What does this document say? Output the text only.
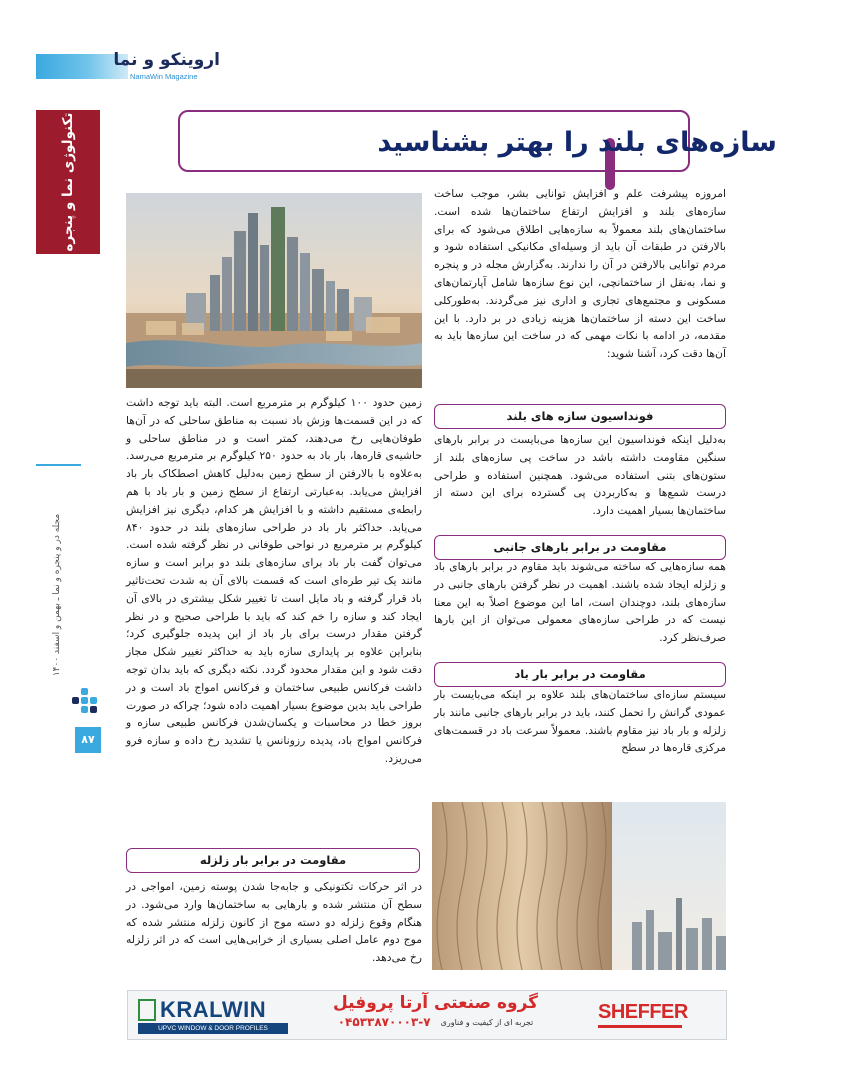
اروینکو و نما
NamaWin Magazine
تکنولوژی نما و پنجره
مجله در و پنجره و نما ـ بهمن و اسفند ۱۴۰۰
۸۷
سازه‌های بلند را بهتر بشناسید

امروزه پیشرفت علم و افزایش توانایی بشر، موجب ساخت سازه‌های بلند و افزایش ارتفاع ساختمان‌ها شده است. ساختمان‌های بلند معمولاً به سازه‌هایی اطلاق می‌شود که برای بالارفتن در طبقات آن باید از وسیله‌ای مکانیکی استفاده شود و مردم توانایی بالارفتن در آن را ندارند. به‌گزارش مجله در و پنجره و نما، به‌نقل از ساختمانچی، این نوع سازه‌ها شامل آپارتمان‌های مسکونی و مجتمع‌های تجاری و اداری نیز می‌گردند. به‌طورکلی ساخت این دسته از ساختمان‌ها هزینه زیادی در بر دارد. با این مقدمه، در ادامه با نکات مهمی که در ساخت این سازه‌ها باید به آن‌ها دقت کرد، آشنا شوید:

فونداسیون سازه های بلند

به‌دلیل اینکه فونداسیون این سازه‌ها می‌بایست در برابر بارهای سنگین مقاومت داشته باشد در ساخت پی سازه‌های بلند از ستون‌های بتنی استفاده می‌شود. همچنین استفاده و طراحی درست شمع‌ها و به‌کاربردن پی گسترده برای این دسته از ساختمان‌ها بسیار اهمیت دارد.

مقاومت در برابر بارهای جانبی

همه سازه‌هایی که ساخته می‌شوند باید مقاوم در برابر بارهای باد و زلزله ایجاد شده باشند. اهمیت در نظر گرفتن بارهای جانبی در سازه‌های بلند، دوچندان است، اما این موضوع اصلاً به این معنا نیست که در طراحی سازه‌های معمولی می‌توان از این بارها صرف‌نظر کرد.

مقاومت در برابر بار باد

سیستم سازه‌ای ساختمان‌های بلند علاوه بر اینکه می‌بایست بار عمودی گرانش را تحمل کنند، باید در برابر بارهای جانبی مانند بار زلزله و بار باد نیز مقاوم باشند. معمولاً سرعت باد در قسمت‌های مرکزی قاره‌ها در سطح

زمین حدود ۱۰۰ کیلوگرم بر مترمربع است. البته باید توجه داشت که در این قسمت‌ها وزش باد نسبت به مناطق ساحلی که در آن‌ها طوفان‌هایی رخ می‌دهند، کمتر است و در مناطق ساحلی و حاشیه‌ی قاره‌ها، بار باد به حدود ۲۵۰ کیلوگرم بر مترمربع می‌رسد. به‌علاوه با بالارفتن از سطح زمین به‌دلیل کاهش اصطکاک بار باد افزایش می‌یابد. به‌عبارتی ارتفاع از سطح زمین و بار باد با هم رابطه‌ی مستقیم داشته و با افزایش هر کدام، دیگری نیز افزایش می‌یابد. حداکثر بار باد در طراحی سازه‌های بلند در حدود ۸۴۰ کیلوگرم بر مترمربع در نواحی طوفانی در نظر گرفته شده است. می‌توان گفت بار باد برای سازه‌های بلند دو برابر است و سازه مانند یک تیر طره‌ای است که قسمت بالای آن به شدت تحت‌تاثیر باد قرار گرفته و باد مایل است تا تغییر شکل بیشتری در بالای آن ایجاد کند و سازه را خم کند که باید با طراحی صحیح و در نظر گرفتن مقدار درست برای بار باد از این پدیده جلوگیری کرد؛ بنابراین علاوه بر پایداری سازه باید به حداکثر تغییر شکل مجاز دقت شود و این مقدار محدود گردد. نکته دیگری که باید بدان توجه داشت فرکانس طبیعی ساختمان و فرکانس امواج باد است و در طراحی باید بدین موضوع بسیار اهمیت داده شود؛ چراکه در صورت بروز خطا در محاسبات و یکسان‌شدن فرکانس طبیعی سازه و فرکانس امواج باد، پدیده رزونانس یا تشدید رخ داده و سازه فرو می‌ریزد.

مقاومت در برابر بار زلزله

در اثر حرکات تکتونیکی و جابه‌جا شدن پوسته زمین، امواجی در سطح آن منتشر شده و بارهایی به ساختمان‌ها وارد می‌شود. در هنگام وقوع زلزله دو دسته موج از کانون زلزله منتشر شده که موج دوم عامل اصلی بسیاری از خرابی‌هایی است که در اثر زلزله رخ می‌دهد.

KRALWIN
UPVC WINDOW & DOOR PROFILES
گروه صنعتی آرتا پروفیل
تجربه ای از کیفیت و فناوری
۰۴۵۳۳۸۷۰۰۰۳-۷	SHEFFER
